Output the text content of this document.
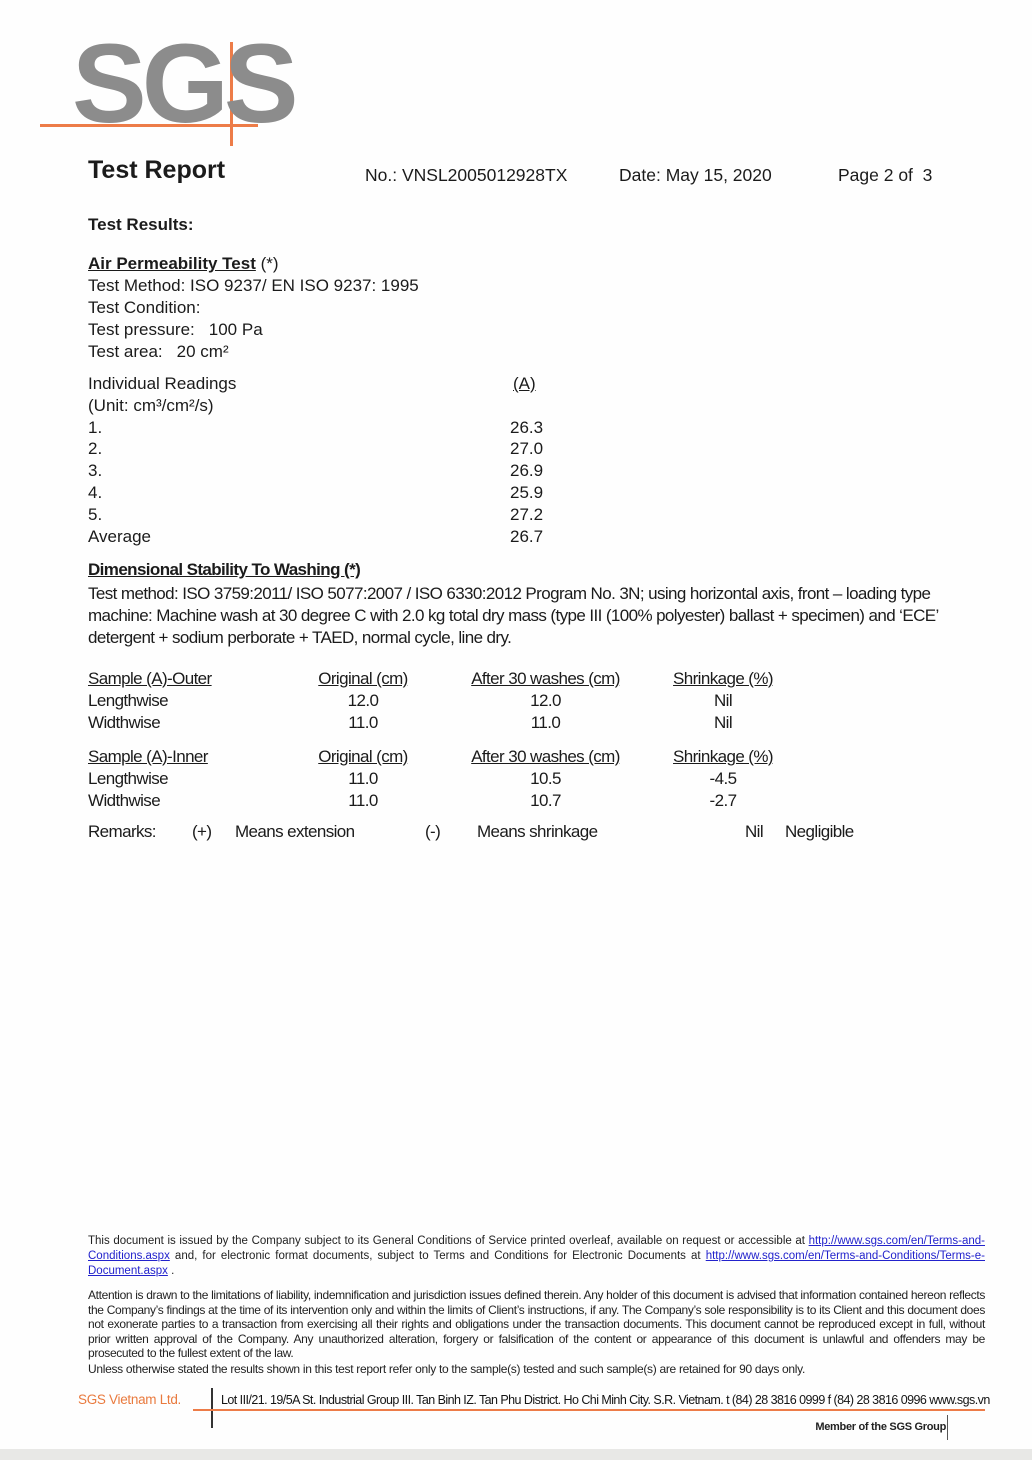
SGS
Test Report	No.: VNSL2005012928TX	Date: May 15, 2020	Page 2 of  3
Test Results:
Air Permeability Test (*)
Test Method: ISO 9237/ EN ISO 9237: 1995
Test Condition:
Test pressure: 100 Pa
Test area: 20 cm²
Individual Readings	(A)
(Unit: cm³/cm²/s)
1.	26.3
2.	27.0
3.	26.9
4.	25.9
5.	27.2
Average	26.7
Dimensional Stability To Washing (*)
Test method: ISO 3759:2011/ ISO 5077:2007 / ISO 6330:2012 Program No. 3N; using horizontal axis, front – loading type machine: Machine wash at 30 degree C with 2.0 kg total dry mass (type III (100% polyester) ballast + specimen) and ‘ECE’ detergent + sodium perborate + TAED, normal cycle, line dry.
Sample (A)-Outer	Original (cm)	After 30 washes (cm)	Shrinkage (%)
Lengthwise	12.0	12.0	Nil
Widthwise	11.0	11.0	Nil
Sample (A)-Inner	Original (cm)	After 30 washes (cm)	Shrinkage (%)
Lengthwise	11.0	10.5	-4.5
Widthwise	11.0	10.7	-2.7
Remarks: (+) Means extension	(-) Means shrinkage	Nil Negligible
This document is issued by the Company subject to its General Conditions of Service printed overleaf, available on request or accessible at http://www.sgs.com/en/Terms-and-Conditions.aspx and, for electronic format documents, subject to Terms and Conditions for Electronic Documents at http://www.sgs.com/en/Terms-and-Conditions/Terms-e-Document.aspx .
Attention is drawn to the limitations of liability, indemnification and jurisdiction issues defined therein. Any holder of this document is advised that information contained hereon reflects the Company’s findings at the time of its intervention only and within the limits of Client’s instructions, if any. The Company’s sole responsibility is to its Client and this document does not exonerate parties to a transaction from exercising all their rights and obligations under the transaction documents. This document cannot be reproduced except in full, without prior written approval of the Company. Any unauthorized alteration, forgery or falsification of the content or appearance of this document is unlawful and offenders may be prosecuted to the fullest extent of the law.
Unless otherwise stated the results shown in this test report refer only to the sample(s) tested and such sample(s) are retained for 90 days only.
SGS Vietnam Ltd.	Lot III/21. 19/5A St. Industrial Group III. Tan Binh IZ. Tan Phu District. Ho Chi Minh City. S.R. Vietnam. t (84) 28 3816 0999 f (84) 28 3816 0996 www.sgs.vn
Member of the SGS Group
